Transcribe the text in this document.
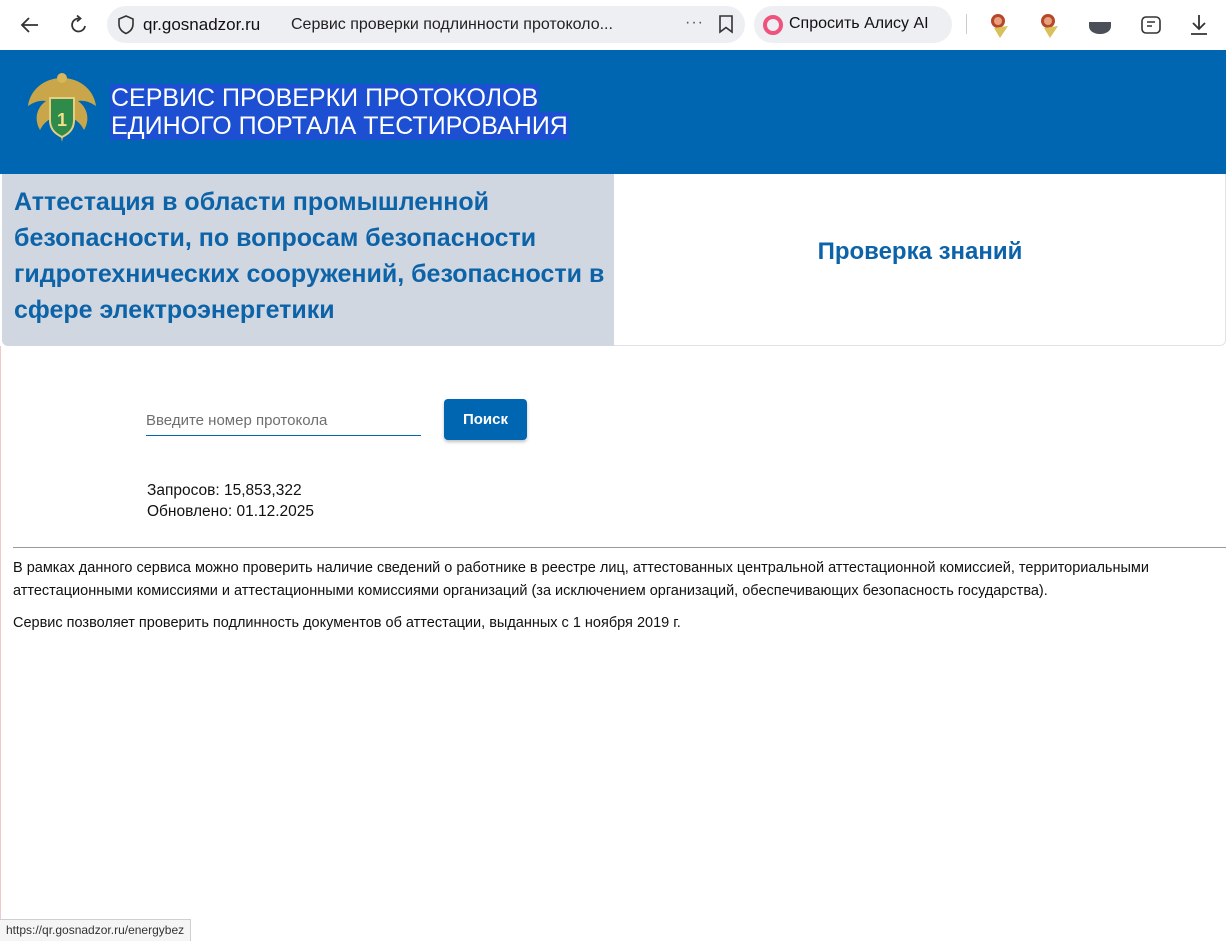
qr.gosnadzor.ru Сервис проверки подлинности протоколо...	···	Спросить Алису AI
1
СЕРВИС ПРОВЕРКИ ПРОТОКОЛОВ
ЕДИНОГО ПОРТАЛА ТЕСТИРОВАНИЯ
Аттестация в области промышленной безопасности, по вопросам безопасности гидротехнических сооружений, безопасности в сфере электроэнергетики
Проверка знаний
Введите номер протокола
Поиск
Запросов: 15,853,322
Обновлено: 01.12.2025

В рамках данного сервиса можно проверить наличие сведений о работнике в реестре лиц, аттестованных центральной аттестационной комиссией, территориальными аттестационными комиссиями и аттестационными комиссиями организаций (за исключением организаций, обеспечивающих безопасность государства).

Сервис позволяет проверить подлинность документов об аттестации, выданных с 1 ноября 2019 г.

https://qr.gosnadzor.ru/energybez
